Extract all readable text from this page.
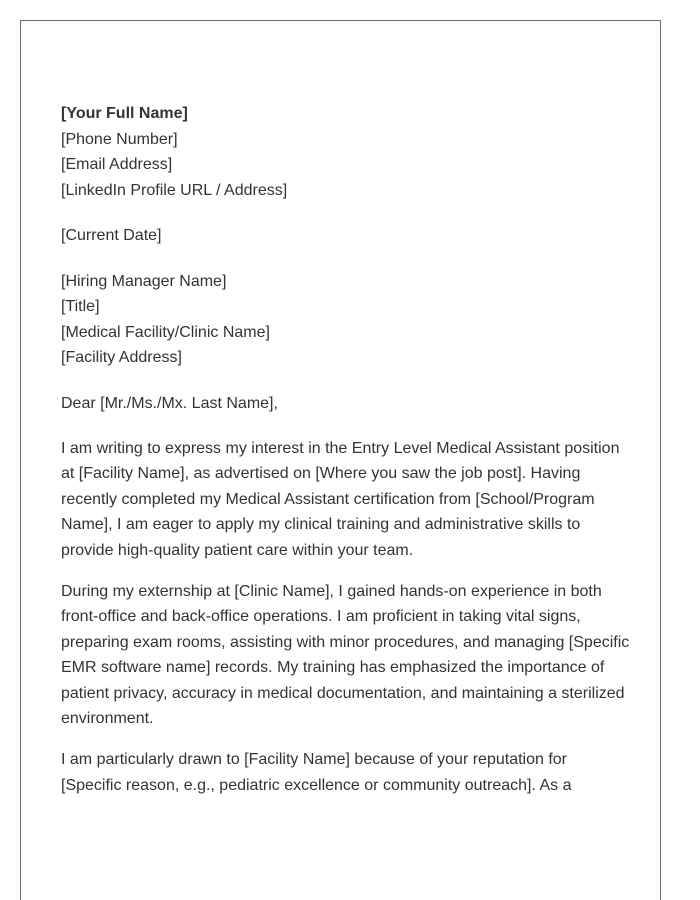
[Your Full Name]
[Phone Number]
[Email Address]
[LinkedIn Profile URL / Address]
[Current Date]
[Hiring Manager Name]
[Title]
[Medical Facility/Clinic Name]
[Facility Address]
Dear [Mr./Ms./Mx. Last Name],

I am writing to express my interest in the Entry Level Medical Assistant position at [Facility Name], as advertised on [Where you saw the job post]. Having recently completed my Medical Assistant certification from [School/Program Name], I am eager to apply my clinical training and administrative skills to provide high-quality patient care within your team.

During my externship at [Clinic Name], I gained hands-on experience in both front-office and back-office operations. I am proficient in taking vital signs, preparing exam rooms, assisting with minor procedures, and managing [Specific EMR software name] records. My training has emphasized the importance of patient privacy, accuracy in medical documentation, and maintaining a sterilized environment.

I am particularly drawn to [Facility Name] because of your reputation for [Specific reason, e.g., pediatric excellence or community outreach]. As a
